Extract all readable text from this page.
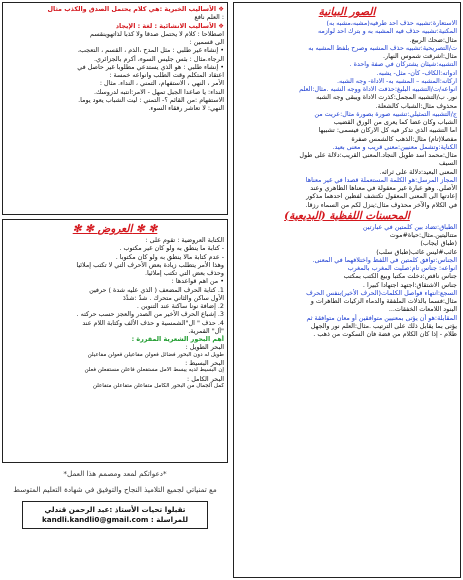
الصور البيانية
الاستعارة:تشبيه حذف احد طرفيه(مشبه،مشبه به)
المكنية:تشبيه حذف فيه المشبه به و بترك احد لوازمه
مثال:ضحك الربيع.
ت/التصريحية:تشبيه حذف المشبه وصرح بلفظ المشبه به
مثال:اشرقت شموس النهار.
التشبيه:شيئان يشتركان في صفة واحدة .
ادواته:الكاف- كأن- مثل- يشبه.
اركانه:المشبه – المشبه به- الاداة- وجه الشبه.
انواعه/ت/التشبيه البليغ:حذفت الاداة ووجه الشبه .مثال:العلم
نور. ب/التشبيه المجمل:كذرت الاداة ويبقى وجه الشبه
محذوف مثال:الشباب كالشعلة.
ج/التشبيه التمثيلي:تشبيه صورة بصورة مثال:عريت من
الشباب وكان غضا كما يعرى من الورق القضيب
اما التشبيه الذي تذكر فيه كل الاركان فيسمى: تشبيها
مفصلا(تام) مثال:الذهب كالشمس صفرة
الكناية:وتشمل معنيين:معنى قريب و معنى بعيد.
مثال:محمد أسد طويل النجاد.المعنى القريب:دلالة على طول
السيف
المعنى البعيد:دلالة على ثرائه.
المجاز المرسل:هو الكلمة المستعملة قصدا في غير معناها
الأصلي. وهو عبارة غير معقولة في معناها الظاهري وعند
إعادتها الى المعنى المعقول تكتشف لفظين احدهما مذكور
في الكلام والآخر محذوف مثال:ينزل لكم من السماء رزقا.
المحسنات اللفظية (البديعية)
الطباق:تضاد بين كلمتين في عبارتين
متتاليتين.مثال:حياة#موت
(طباق ايجاب)
غائب#ليس غائب(طباق سلب)
الجناس:توافق كلمتين في اللفظ واختلافهما في المعنى.
انواعه: جناس تام:صليت المغرب بالمغرب
جناس ناقص:دخلت مكتبا وبيع الكتب بمكتب
جناس الاشتقاق:اجتهد اجتهادا كبيرا .
السجع:انتهاء فواصل الكلمات(الحرف الأخير)بنفس الحرف
مثال:فسما بالذلات الملفقة والدماء الزكيات الطاهرات و
البنود اللامعات الخفقات...
المقابلة:هو أن يؤتى بمعنيين متوافقين أو معان متوافقة ثم
يؤتى بما يقابل ذلك على الترتيب .مثال:العلم نور والجهل
ظلام - إذا كان الكلام من فضة فان السكوت من ذهب .
❖ الأساليب الخبرية :هي كلام يحتمل الصدق والكذب مثال
: العلم نافع
❖ الأساليب الانشائية : لغة : الإيجاد
اصطلاحا : كلام لا يحتمل صدقا ولا كذبا لذاتهوينقسم
الى قسمين :
• إنشاء غير طلبي : مثل المدح ،الذم ، القسم ، التعجب،
الرجاء.مثال : بئس جليس السوء، أكرم بالجزائري.
• إنشاء طلبي : هو الذي يستدعي مطلوبا غير حاصل في
اعتقاد المتكلم وقت الطلب وانواعه خمسة :
الأمر ، النهي ، الاستفهام، التمني ، النداء. مثال :
النداء: يا صاعدا الجبل تمهل - الامر:انتبه لدروسك.
الاستفهام :من القائم ؟- التمني : ليت الشباب يعود يوما.
النهي: لا تعاشر رفقاء السوء.
✻ ✻ العروض ✻ ✻
الكتابة العروضية : تقوم على :
- كتابة ما ينطق به ولو كان غير مكتوب .
- عدم كتابة مالا ينطق به ولو كان مكتوبا .
وهذا الأمر يتطلب زيادة بعض الأحرف التي لا تكتب إملائيا
وحذف بعض التي تكتب إملائيا.
• من اهم قواعدها :
1. كتابة الحرف المضعف ( الذي عليه شدة ) حرفين
الأول ساكن والثاني متحرك . شدّ :شدْدَ
2. إضافة نونا ساكنة عند التنوين .
3. إشباع الحرف الأخير من الصدر والعجز حسب حركته .
4. حذف " ال"الشمسية و حذف الألف وكتابة اللام عند
"أل" القمرية.
أهم البحور الشعرية المقررة :
البحر الطويل :
طويل له دون البحور فضائل فعولن مفاعيلن فعولن مفاعيلن
البحر البسيط :
إن البسيط لديه يبسط الأمل مستفعلن فاعلن مستفعلن فعلن
البحر الكامل :
كمل الجمال من البحور الكامل متفاعلن متفاعلن متفاعلن
*دعواتكم لمعد ومصمم هذا العمل*
مع تمنياتي لجميع التلاميذ النجاح والتوفيق في شهادة التعليم المتوسط
تقبلوا تحيات الأستاذ :عبد الرحمن قندلي
kandli.kandli0@gmail.com : للمراسلة
